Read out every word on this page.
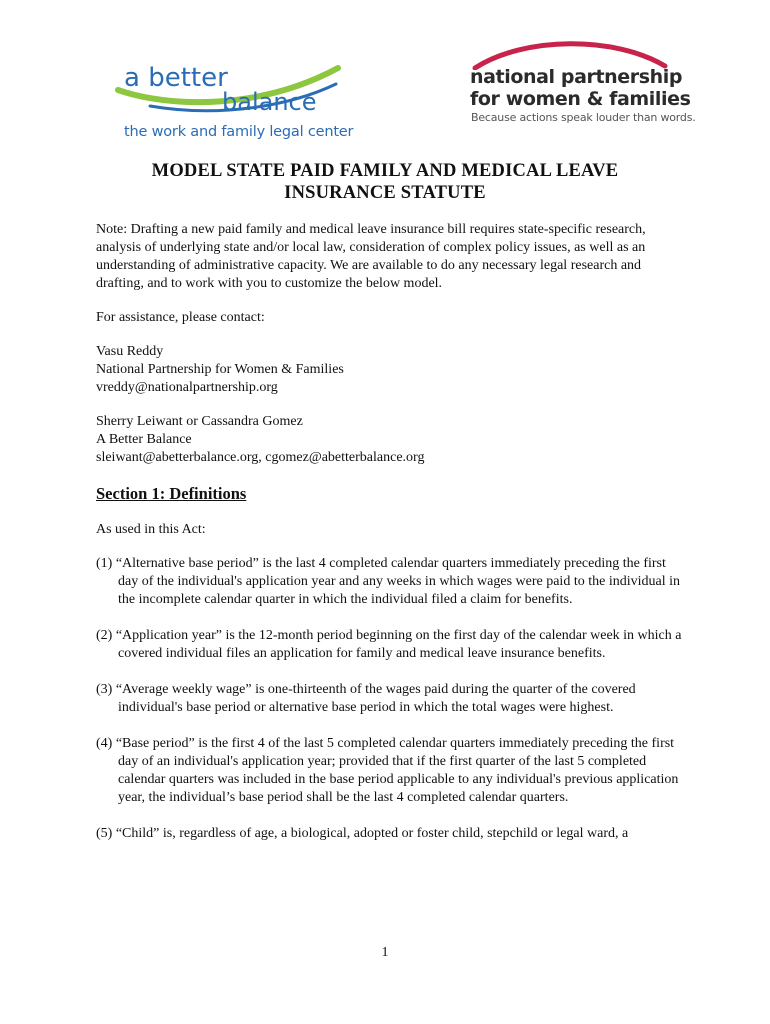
a better
balance
the work and family legal center
national partnership
for women & families
Because actions speak louder than words.
MODEL STATE PAID FAMILY AND MEDICAL LEAVE
INSURANCE STATUTE

Note: Drafting a new paid family and medical leave insurance bill requires state-specific research, analysis of underlying state and/or local law, consideration of complex policy issues, as well as an understanding of administrative capacity. We are available to do any necessary legal research and drafting, and to work with you to customize the below model.

For assistance, please contact:

Vasu Reddy
National Partnership for Women & Families
vreddy@nationalpartnership.org
Sherry Leiwant or Cassandra Gomez
A Better Balance
sleiwant@abetterbalance.org, cgomez@abetterbalance.org
Section 1: Definitions

As used in this Act:

(1) “Alternative base period” is the last 4 completed calendar quarters immediately preceding the first day of the individual's application year and any weeks in which wages were paid to the individual in the incomplete calendar quarter in which the individual filed a claim for benefits.

(2) “Application year” is the 12-month period beginning on the first day of the calendar week in which a covered individual files an application for family and medical leave insurance benefits.

(3) “Average weekly wage” is one-thirteenth of the wages paid during the quarter of the covered individual's base period or alternative base period in which the total wages were highest.

(4) “Base period” is the first 4 of the last 5 completed calendar quarters immediately preceding the first day of an individual's application year; provided that if the first quarter of the last 5 completed calendar quarters was included in the base period applicable to any individual's previous application year, the individual’s base period shall be the last 4 completed calendar quarters.

(5) “Child” is, regardless of age, a biological, adopted or foster child, stepchild or legal ward, a

1
